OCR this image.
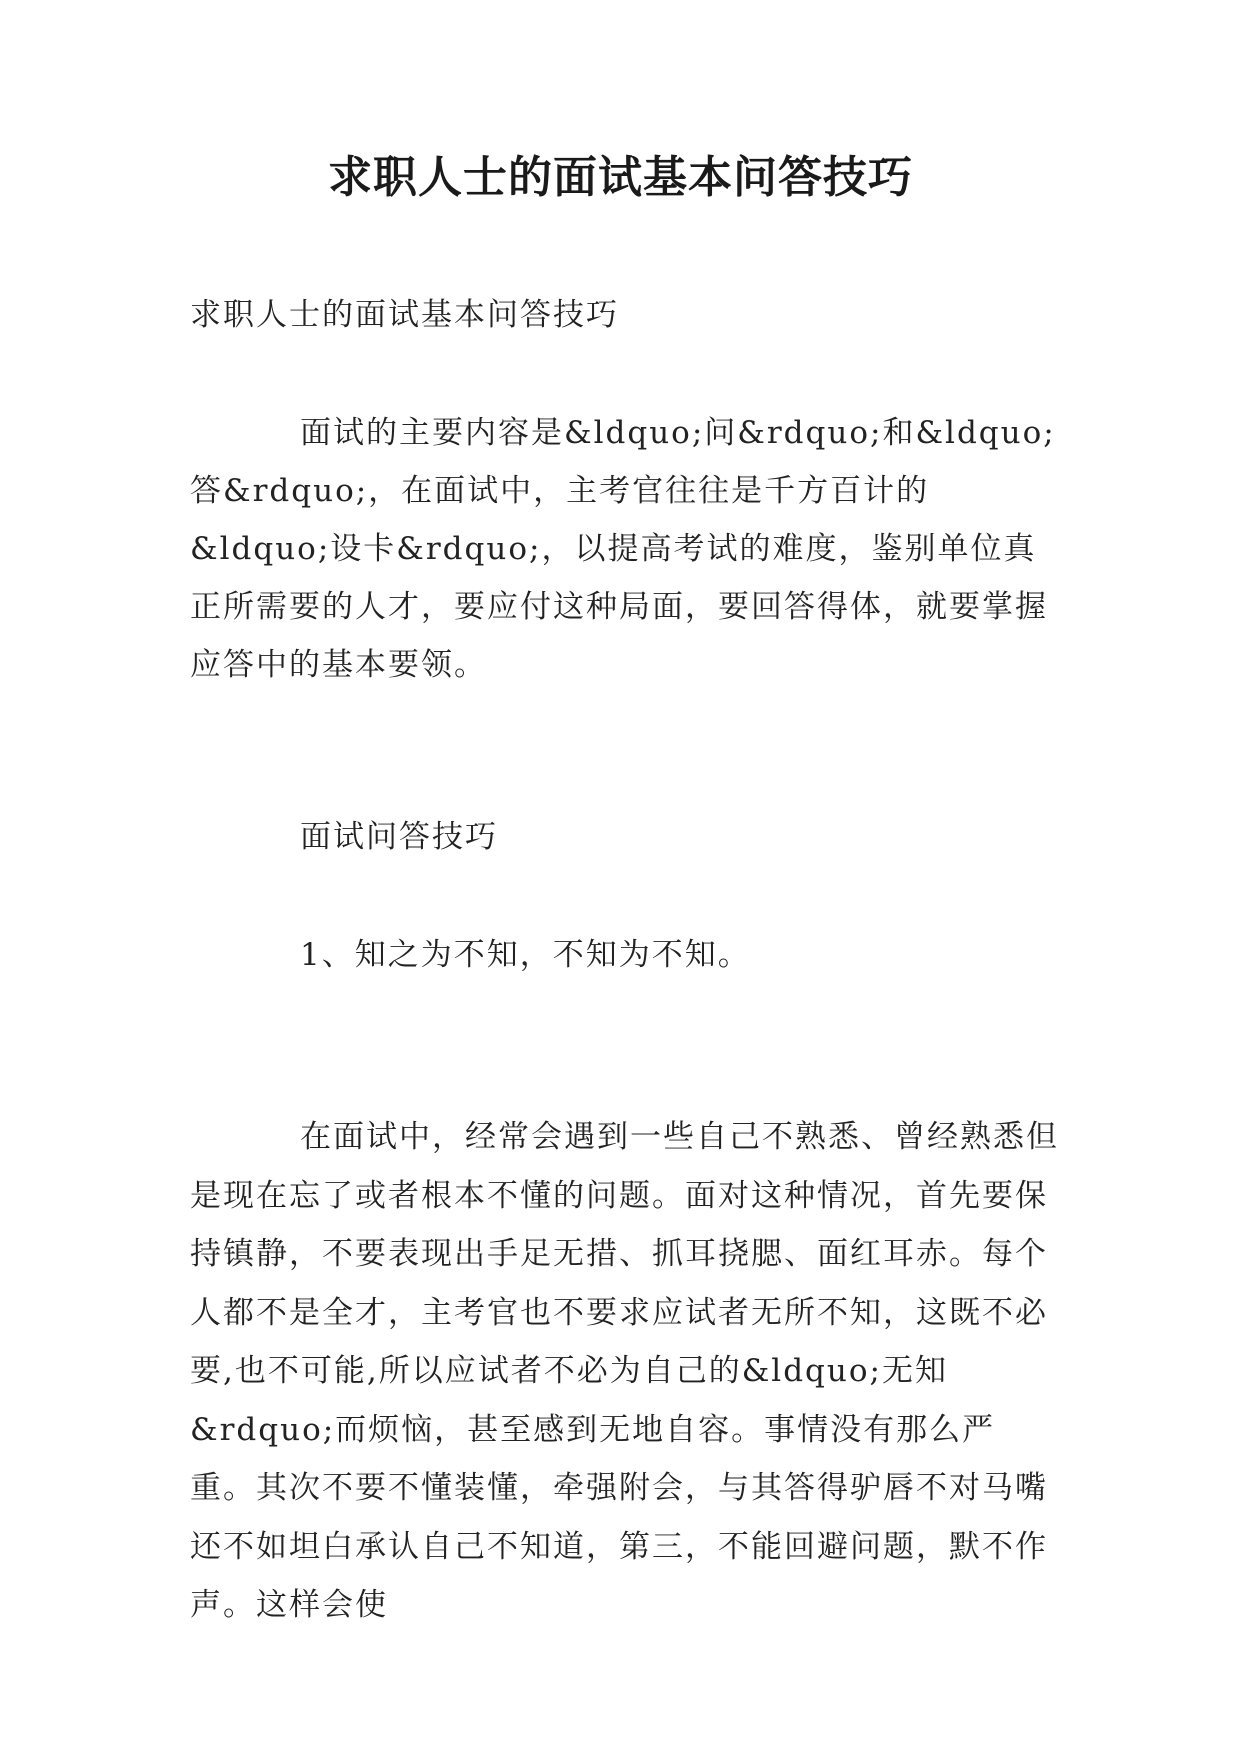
求职人士的面试基本问答技巧

求职人士的面试基本问答技巧

面试的主要内容是&ldquo;问&rdquo;和&ldquo;答&rdquo;，在面试中，主考官往往是千方百计的&ldquo;设卡&rdquo;，以提高考试的难度，鉴别单位真正所需要的人才，要应付这种局面，要回答得体，就要掌握应答中的基本要领。

面试问答技巧

1、知之为不知，不知为不知。

在面试中，经常会遇到一些自己不熟悉、曾经熟悉但是现在忘了或者根本不懂的问题。面对这种情况，首先要保持镇静，不要表现出手足无措、抓耳挠腮、面红耳赤。每个人都不是全才，主考官也不要求应试者无所不知，这既不必要,也不可能,所以应试者不必为自己的&ldquo;无知&rdquo;而烦恼，甚至感到无地自容。事情没有那么严重。其次不要不懂装懂，牵强附会，与其答得驴唇不对马嘴还不如坦白承认自己不知道，第三，不能回避问题，默不作声。这样会使
